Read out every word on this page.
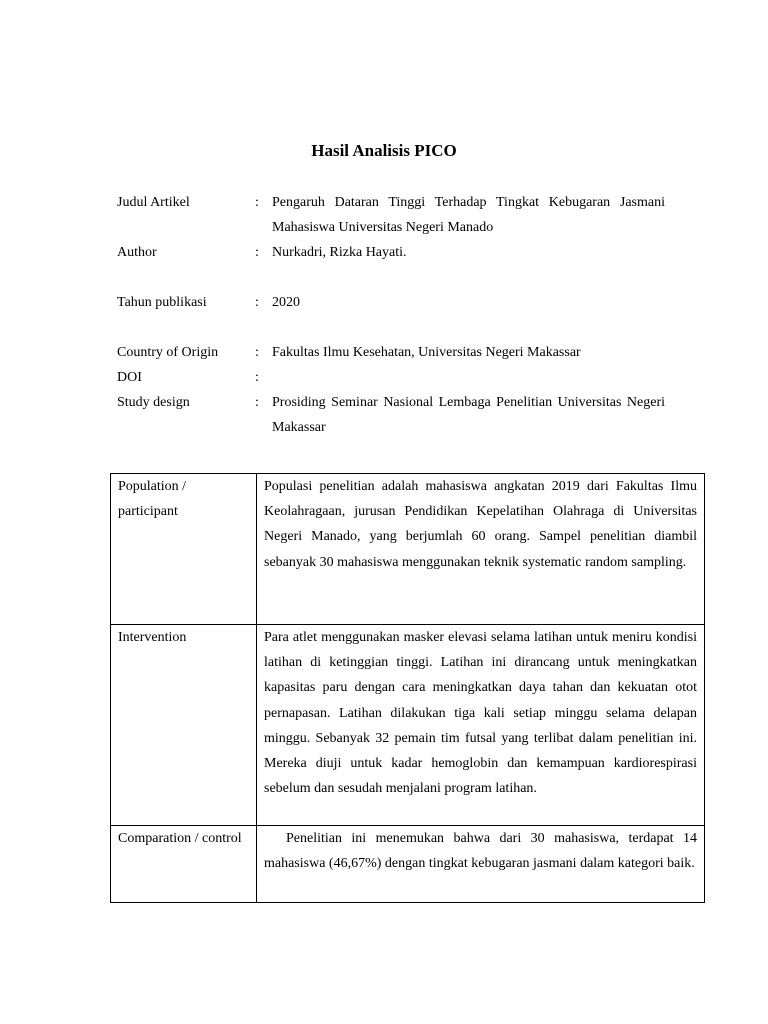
Hasil Analisis PICO
Judul Artikel	: Pengaruh Dataran Tinggi Terhadap Tingkat Kebugaran Jasmani Mahasiswa Universitas Negeri Manado
Author	: Nurkadri, Rizka Hayati.
Tahun publikasi	: 2020
Country of Origin	: Fakultas Ilmu Kesehatan, Universitas Negeri Makassar
DOI	:
Study design	: Prosiding Seminar Nasional Lembaga Penelitian Universitas Negeri Makassar
Population / participant	Populasi penelitian adalah mahasiswa angkatan 2019 dari Fakultas Ilmu Keolahragaan, jurusan Pendidikan Kepelatihan Olahraga di Universitas Negeri Manado, yang berjumlah 60 orang. Sampel penelitian diambil sebanyak 30 mahasiswa menggunakan teknik systematic random sampling.
Intervention	Para atlet menggunakan masker elevasi selama latihan untuk meniru kondisi latihan di ketinggian tinggi. Latihan ini dirancang untuk meningkatkan kapasitas paru dengan cara meningkatkan daya tahan dan kekuatan otot pernapasan. Latihan dilakukan tiga kali setiap minggu selama delapan minggu. Sebanyak 32 pemain tim futsal yang terlibat dalam penelitian ini. Mereka diuji untuk kadar hemoglobin dan kemampuan kardiorespirasi sebelum dan sesudah menjalani program latihan.
Comparation / control	Penelitian ini menemukan bahwa dari 30 mahasiswa, terdapat 14 mahasiswa (46,67%) dengan tingkat kebugaran jasmani dalam kategori baik.
